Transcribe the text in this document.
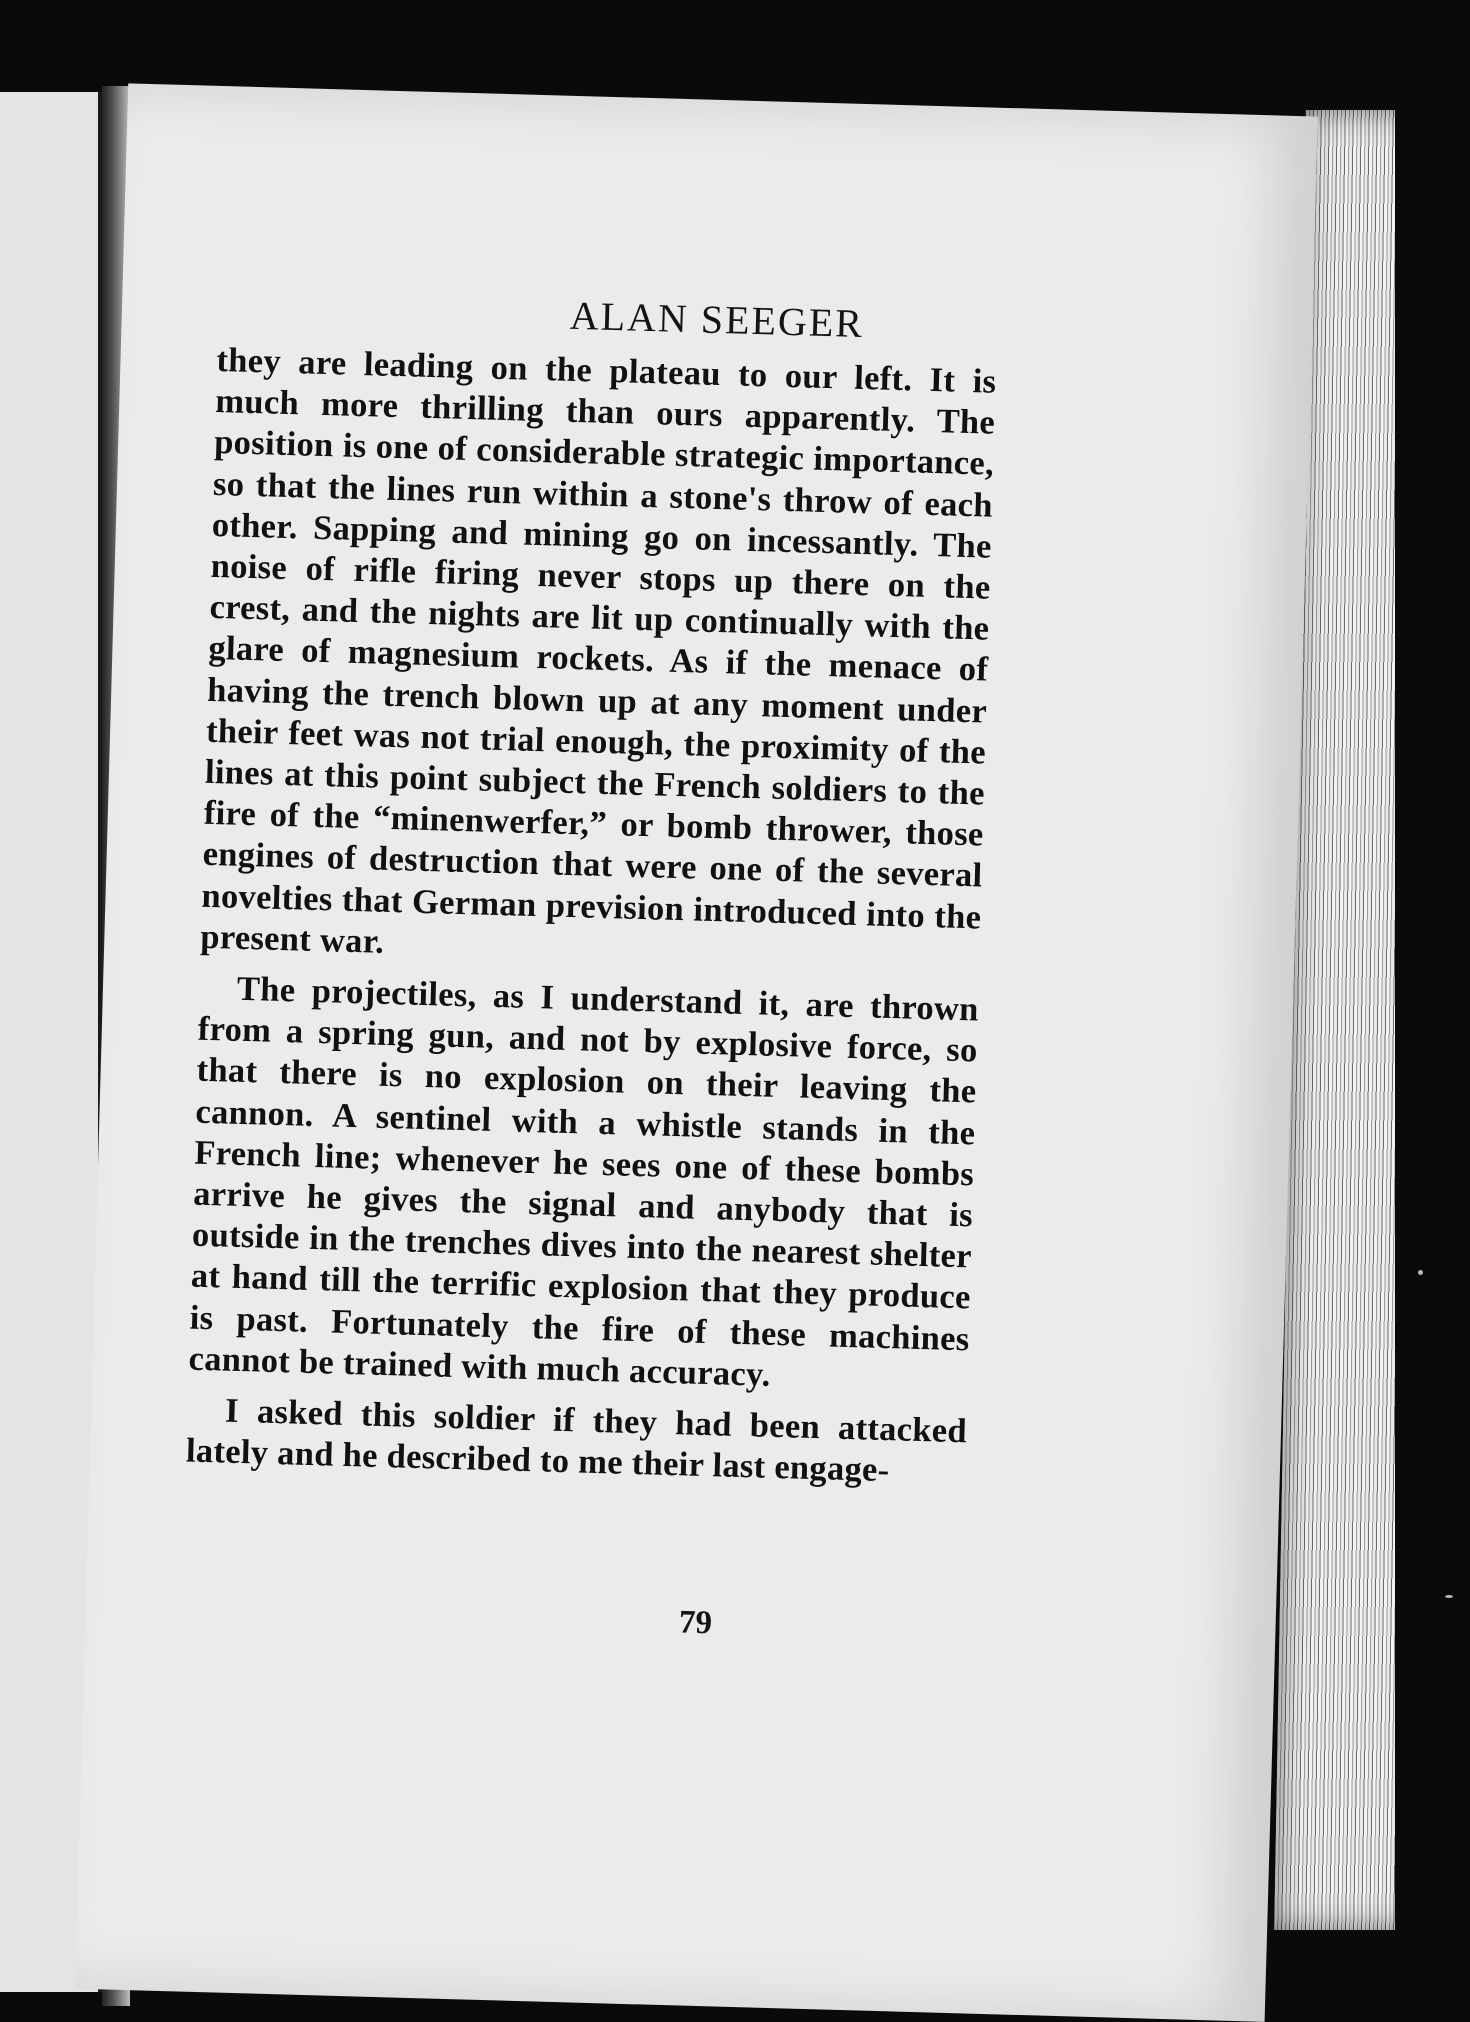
ALAN SEEGER

they are leading on the plateau to our left. It is much more thrilling than ours apparently. The position is one of considerable strategic importance, so that the lines run within a stone's throw of each other. Sapping and mining go on incessantly. The noise of rifle firing never stops up there on the crest, and the nights are lit up continually with the glare of magnesium rockets. As if the menace of having the trench blown up at any moment under their feet was not trial enough, the proximity of the lines at this point subject the French soldiers to the fire of the “minenwerfer,” or bomb thrower, those engines of destruction that were one of the several novelties that German prevision introduced into the present war.

The projectiles, as I understand it, are thrown from a spring gun, and not by explosive force, so that there is no explosion on their leaving the cannon. A sentinel with a whistle stands in the French line; whenever he sees one of these bombs arrive he gives the signal and anybody that is outside in the trenches dives into the nearest shelter at hand till the terrific explosion that they produce is past. Fortunately the fire of these machines cannot be trained with much accuracy.

I asked this soldier if they had been attacked lately and he described to me their last engage-

79
